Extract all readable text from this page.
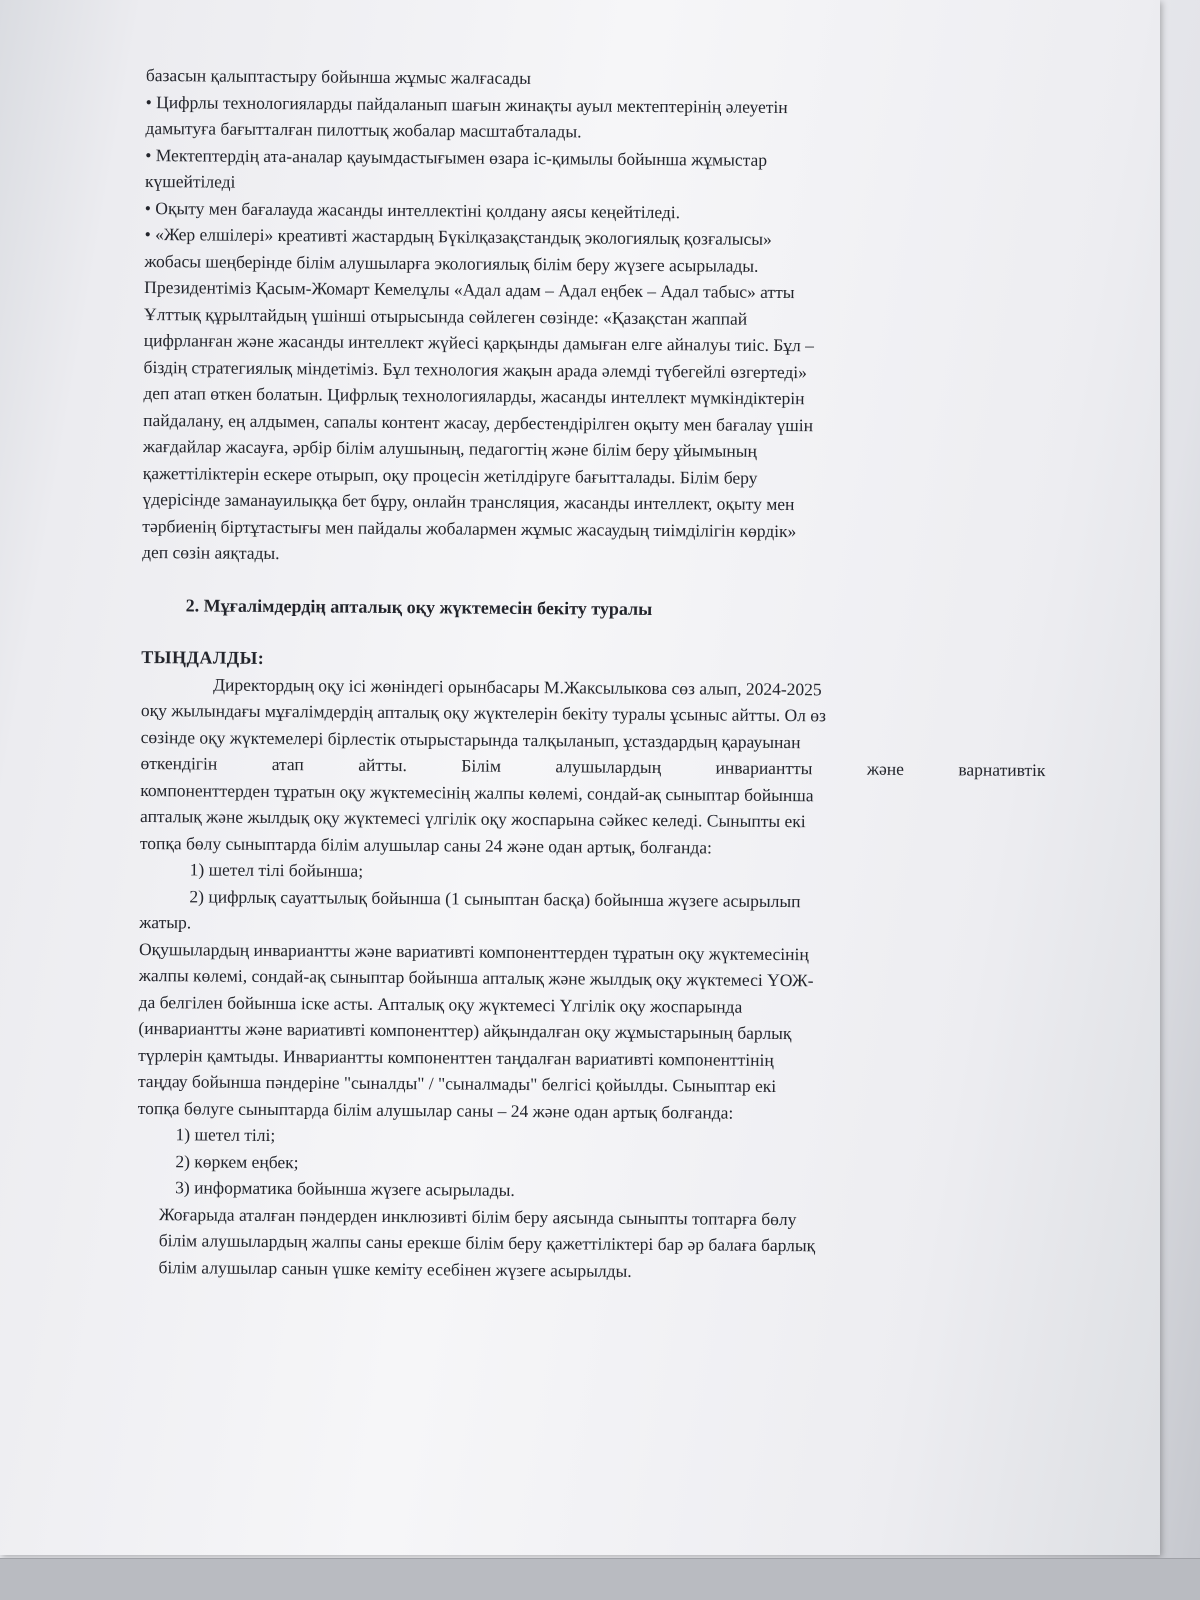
базасын қалыптастыру бойынша жұмыс жалғасады

• Цифрлы технологияларды пайдаланып шағын жинақты ауыл мектептерінің әлеуетін

дамытуға бағытталған пилоттық жобалар масштабталады.

• Мектептердің ата-аналар қауымдастығымен өзара іс-қимылы бойынша жұмыстар

күшейтіледі

• Оқыту мен бағалауда жасанды интеллектіні қолдану аясы кеңейтіледі.

• «Жер елшілері» креативті жастардың Бүкілқазақстандық экологиялық қозғалысы»

жобасы шеңберінде білім алушыларға экологиялық білім беру жүзеге асырылады.

Президентіміз Қасым-Жомарт Кемелұлы «Адал адам – Адал еңбек – Адал табыс» атты

Ұлттық құрылтайдың үшінші отырысында сөйлеген сөзінде: «Қазақстан жаппай

цифрланған және жасанды интеллект жүйесі қарқынды дамыған елге айналуы тиіс. Бұл –

біздің стратегиялық міндетіміз. Бұл технология жақын арада әлемді түбегейлі өзгертеді»

деп атап өткен болатын. Цифрлық технологияларды, жасанды интеллект мүмкіндіктерін

пайдалану, ең алдымен, сапалы контент жасау, дербестендірілген оқыту мен бағалау үшін

жағдайлар жасауға, әрбір білім алушының, педагогтің және білім беру ұйымының

қажеттіліктерін ескере отырып, оқу процесін жетілдіруге бағытталады. Білім беру

үдерісінде заманауилыққа бет бұру, онлайн трансляция, жасанды интеллект, оқыту мен

тәрбиенің біртұтастығы мен пайдалы жобалармен жұмыс жасаудың тиімділігін көрдік»

деп сөзін аяқтады.

2. Мұғалімдердің апталық оқу жүктемесін бекіту туралы

ТЫҢДАЛДЫ:

Директордың оқу ісі жөніндегі орынбасары М.Жаксылыкова сөз алып, 2024-2025

оқу жылындағы мұғалімдердің апталық оқу жүктелерін бекіту туралы ұсыныс айтты. Ол өз

сөзінде оқу жүктемелері бірлестік отырыстарында талқыланып, ұстаздардың қарауынан

өткендігін атап айтты. Білім алушылардың инвариантты және варнативтік

компоненттерден тұратын оқу жүктемесінің жалпы көлемі, сондай-ақ сыныптар бойынша

апталық және жылдық оқу жүктемесі үлгілік оқу жоспарына сәйкес келеді. Сыныпты екі

топқа бөлу сыныптарда білім алушылар саны 24 және одан артық, болғанда:

1) шетел тілі бойынша;

2) цифрлық сауаттылық бойынша (1 сыныптан басқа) бойынша жүзеге асырылып

жатыр.

Оқушылардың инвариантты және вариативті компоненттерден тұратын оқу жүктемесінің

жалпы көлемі, сондай-ақ сыныптар бойынша апталық және жылдық оқу жүктемесі ҮОЖ-

да белгілен бойынша іске асты. Апталық оқу жүктемесі Үлгілік оқу жоспарында

(инвариантты және вариативті компоненттер) айқындалған оқу жұмыстарының барлық

түрлерін қамтыды. Инвариантты компоненттен таңдалған вариативті компоненттінің

таңдау бойынша пәндеріне "сыналды" / "сыналмады" белгісі қойылды. Сыныптар екі

топқа бөлуге сыныптарда білім алушылар саны – 24 және одан артық болғанда:

1) шетел тілі;

2) көркем еңбек;

3) информатика бойынша жүзеге асырылады.

Жоғарыда аталған пәндерден инклюзивті білім беру аясында сыныпты топтарға бөлу

білім алушылардың жалпы саны ерекше білім беру қажеттіліктері бар әр балаға барлық

білім алушылар санын үшке кеміту есебінен жүзеге асырылды.
